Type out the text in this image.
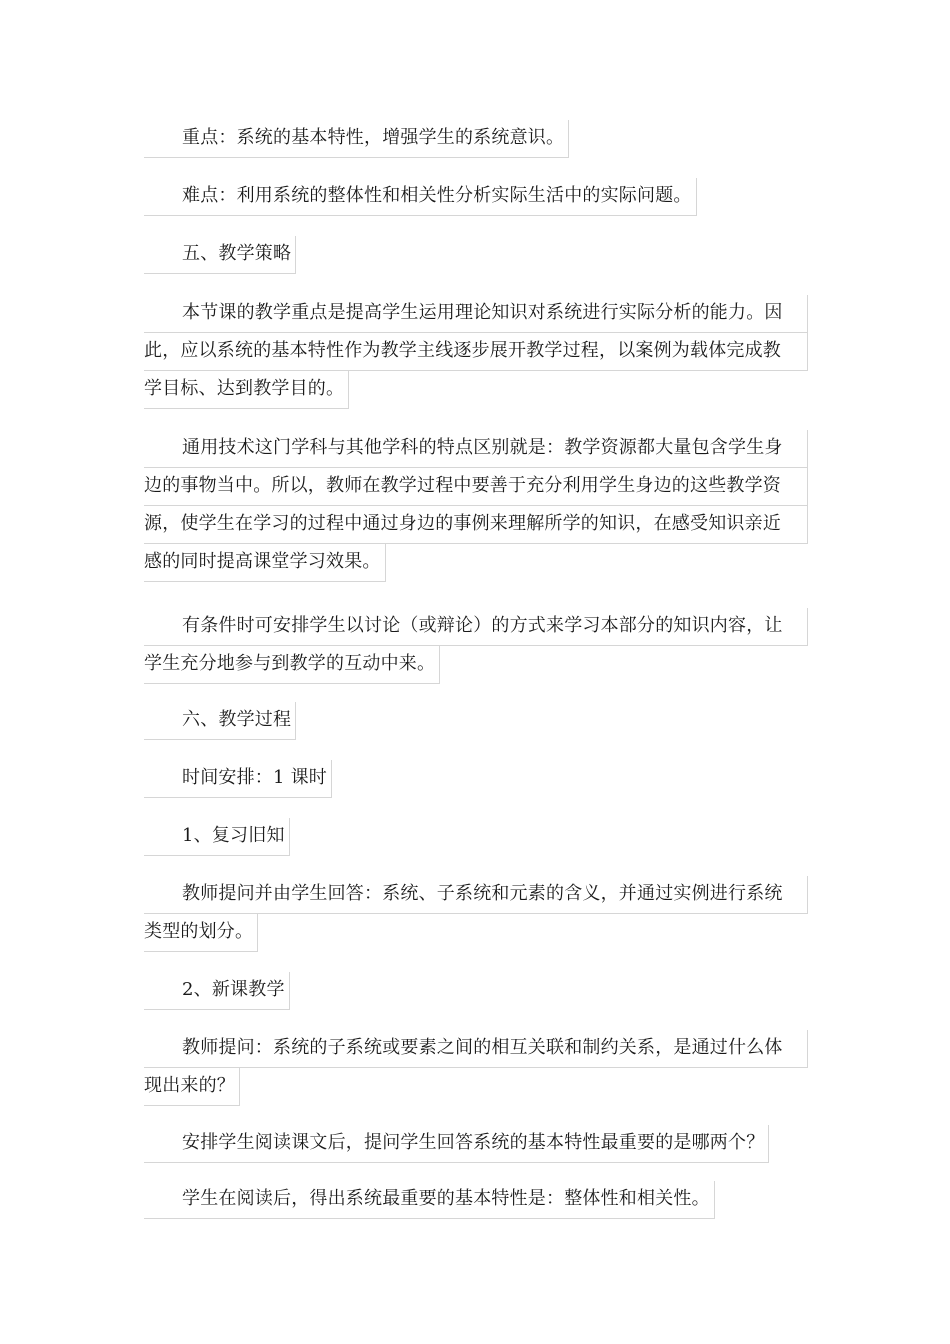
重点：系统的基本特性，增强学生的系统意识。
难点：利用系统的整体性和相关性分析实际生活中的实际问题。
五、教学策略
本节课的教学重点是提高学生运用理论知识对系统进行实际分析的能力。因
此，应以系统的基本特性作为教学主线逐步展开教学过程，以案例为载体完成教
学目标、达到教学目的。
通用技术这门学科与其他学科的特点区别就是：教学资源都大量包含学生身
边的事物当中。所以，教师在教学过程中要善于充分利用学生身边的这些教学资
源，使学生在学习的过程中通过身边的事例来理解所学的知识，在感受知识亲近
感的同时提高课堂学习效果。
有条件时可安排学生以讨论（或辩论）的方式来学习本部分的知识内容，让
学生充分地参与到教学的互动中来。
六、教学过程
时间安排：1 课时
1、复习旧知
教师提问并由学生回答：系统、子系统和元素的含义，并通过实例进行系统
类型的划分。
2、新课教学
教师提问：系统的子系统或要素之间的相互关联和制约关系，是通过什么体
现出来的？
安排学生阅读课文后，提问学生回答系统的基本特性最重要的是哪两个？
学生在阅读后，得出系统最重要的基本特性是：整体性和相关性。
